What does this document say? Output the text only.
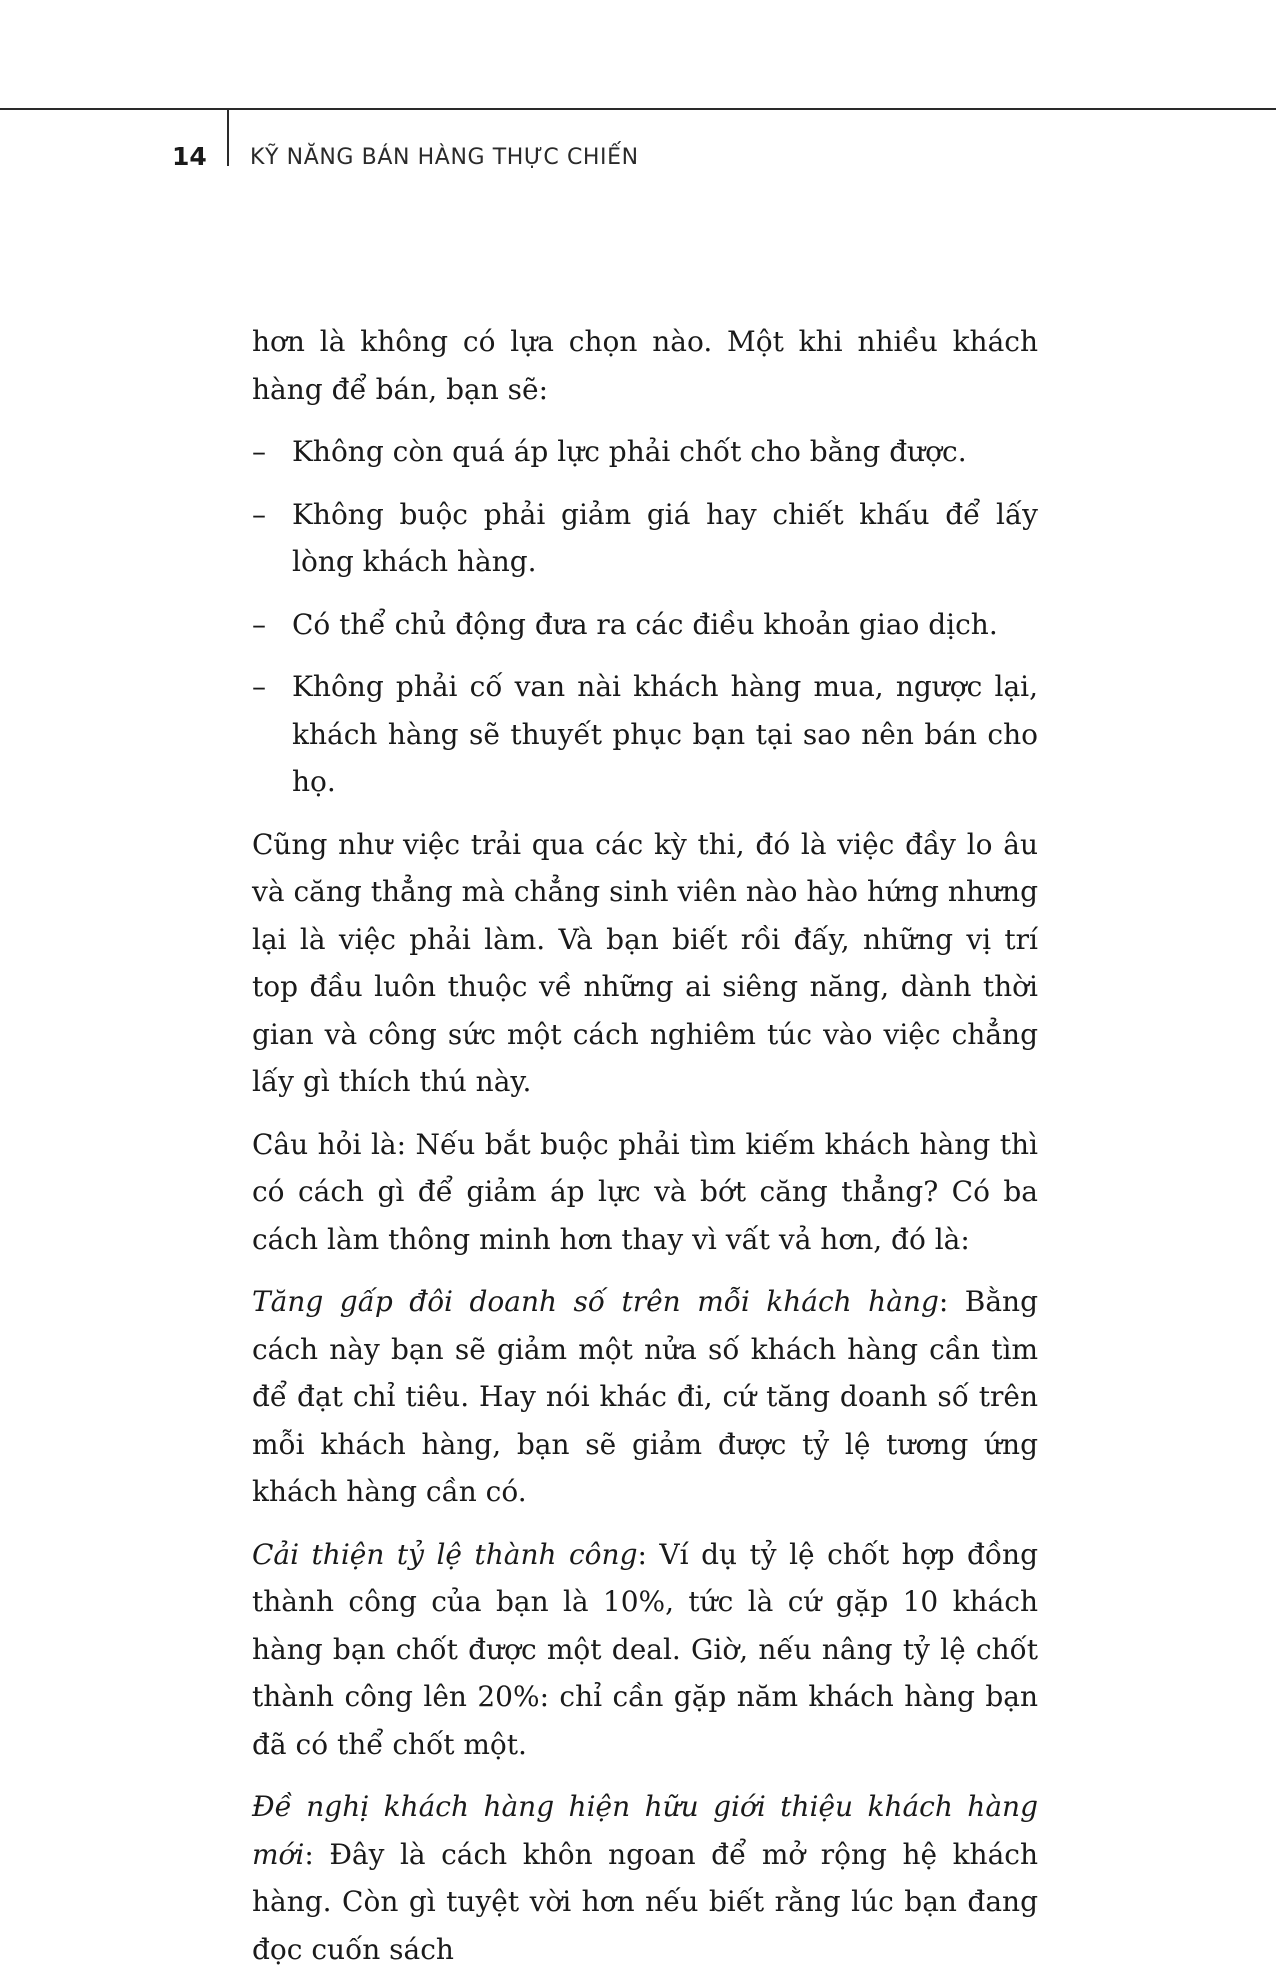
14 KỸ NĂNG BÁN HÀNG THỰC CHIẾN

hơn là không có lựa chọn nào. Một khi nhiều khách hàng để bán, bạn sẽ:

– Không còn quá áp lực phải chốt cho bằng được.
– Không buộc phải giảm giá hay chiết khấu để lấy lòng khách hàng.
– Có thể chủ động đưa ra các điều khoản giao dịch.
– Không phải cố van nài khách hàng mua, ngược lại, khách hàng sẽ thuyết phục bạn tại sao nên bán cho họ.

Cũng như việc trải qua các kỳ thi, đó là việc đầy lo âu và căng thẳng mà chẳng sinh viên nào hào hứng nhưng lại là việc phải làm. Và bạn biết rồi đấy, những vị trí top đầu luôn thuộc về những ai siêng năng, dành thời gian và công sức một cách nghiêm túc vào việc chẳng lấy gì thích thú này.

Câu hỏi là: Nếu bắt buộc phải tìm kiếm khách hàng thì có cách gì để giảm áp lực và bớt căng thẳng? Có ba cách làm thông minh hơn thay vì vất vả hơn, đó là:

Tăng gấp đôi doanh số trên mỗi khách hàng: Bằng cách này bạn sẽ giảm một nửa số khách hàng cần tìm để đạt chỉ tiêu. Hay nói khác đi, cứ tăng doanh số trên mỗi khách hàng, bạn sẽ giảm được tỷ lệ tương ứng khách hàng cần có.

Cải thiện tỷ lệ thành công: Ví dụ tỷ lệ chốt hợp đồng thành công của bạn là 10%, tức là cứ gặp 10 khách hàng bạn chốt được một deal. Giờ, nếu nâng tỷ lệ chốt thành công lên 20%: chỉ cần gặp năm khách hàng bạn đã có thể chốt một.

Đề nghị khách hàng hiện hữu giới thiệu khách hàng mới: Đây là cách khôn ngoan để mở rộng hệ khách hàng. Còn gì tuyệt vời hơn nếu biết rằng lúc bạn đang đọc cuốn sách
